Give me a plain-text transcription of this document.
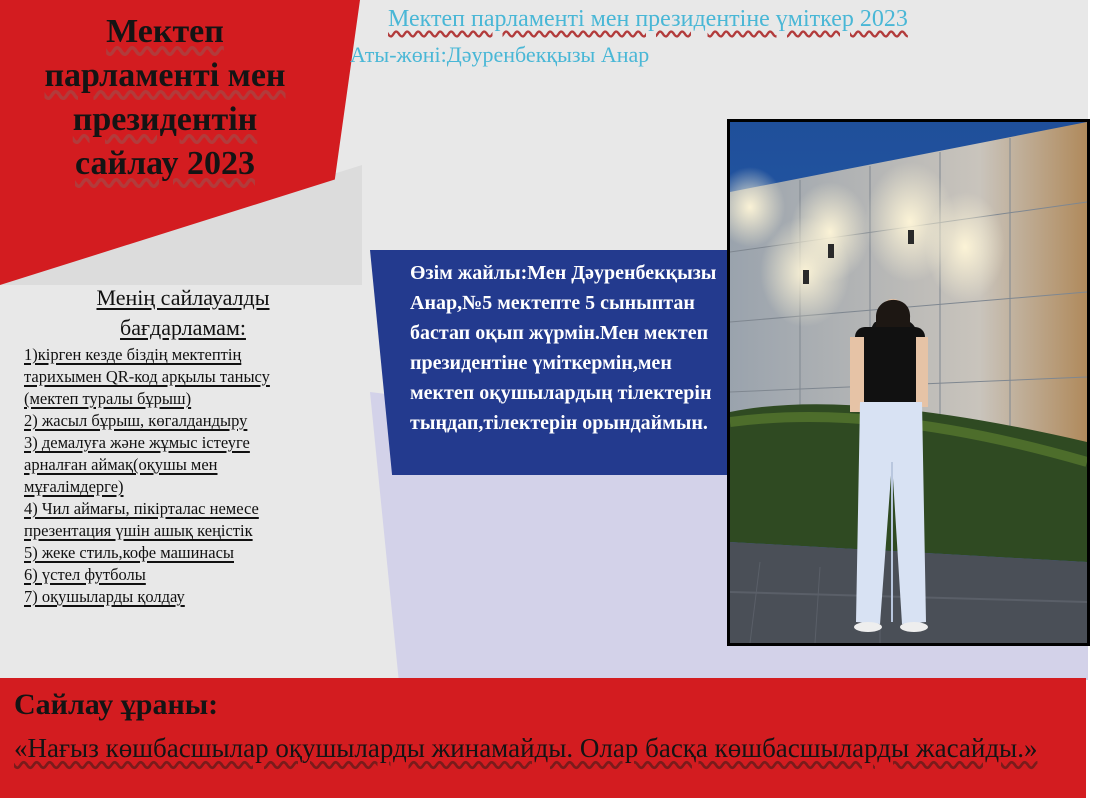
Мектеп
парламенті мен
президентін
сайлау 2023
Мектеп парламенті мен президентіне үміткер 2023
Аты-жөні:Дәуренбекқызы Анар
Менің сайлауалды
бағдарламам:
1)кірген кезде біздің мектептің
тарихымен QR-код арқылы танысу
(мектеп туралы бұрыш)
2) жасыл бұрыш, көгалдандыру
3) демалуға және жұмыс істеуге
арналған аймақ(оқушы мен
мұғалімдерге)
4) Чил аймағы, пікірталас немесе
презентация үшін ашық кеңістік
5) жеке стиль,кофе машинасы
6) үстел футболы
7) оқушыларды қолдау
Өзім жайлы:Мен Дәуренбекқызы Анар,№5 мектепте 5 сыныптан бастап оқып жүрмін.Мен мектеп президентіне үміткермін,мен мектеп оқушылардың тілектерін тыңдап,тілектерін орындаймын.
Сайлау ұраны:
«Нағыз көшбасшылар оқушыларды жинамайды. Олар басқа көшбасшыларды жасайды.»
